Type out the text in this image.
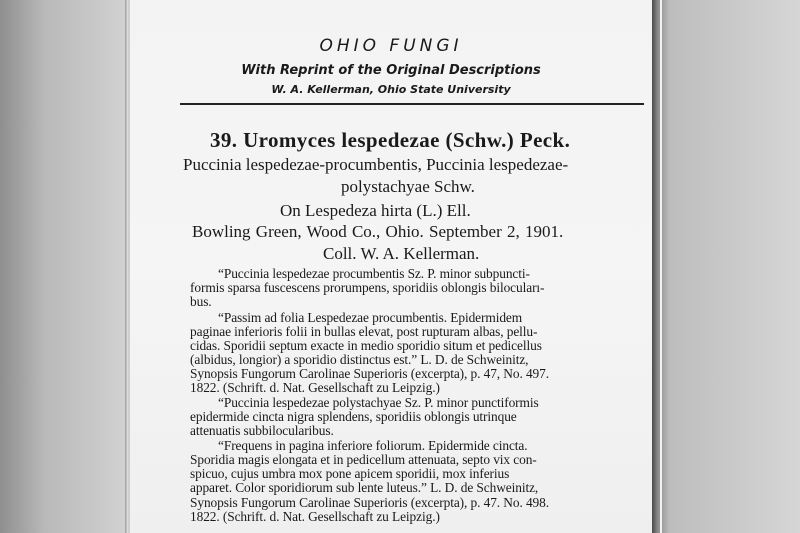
OHIO FUNGI
With Reprint of the Original Descriptions
W. A. Kellerman, Ohio State University
39. Uromyces lespedezae (Schw.) Peck.
Puccinia lespedezae-procumbentis, Puccinia lespedezae-
polystachyae Schw.
On Lespedeza hirta (L.) Ell.
Bowling Green, Wood Co., Ohio. September 2, 1901.
Coll. W. A. Kellerman.
“Puccinia lespedezae procumbentis Sz. P. minor subpuncti-
formis sparsa fuscescens prorumpens, sporidiis oblongis bilocuları-
bus.
“Passim ad folia Lespedezae procumbentis. Epidermidem
paginae inferioris folii in bullas elevat, post rupturam albas, pellu-
cidas. Sporidii septum exacte in medio sporidio situm et pedicellus
(albidus, longior) a sporidio distinctus est.” L. D. de Schweinitz,
Synopsis Fungorum Carolinae Superioris (excerpta), p. 47, No. 497.
1822. (Schrift. d. Nat. Gesellschaft zu Leipzig.)
“Puccinia lespedezae polystachyae Sz. P. minor punctiformis
epidermide cincta nigra splendens, sporidiis oblongis utrinque
attenuatis subbilocularibus.
“Frequens in pagina inferiore foliorum. Epidermide cincta.
Sporidia magis elongata et in pedicellum attenuata, septo vix con-
spicuo, cujus umbra mox pone apicem sporidii, mox inferius
apparet. Color sporidiorum sub lente luteus.” L. D. de Schweinitz,
Synopsis Fungorum Carolinae Superioris (excerpta), p. 47. No. 498.
1822. (Schrift. d. Nat. Gesellschaft zu Leipzig.)
